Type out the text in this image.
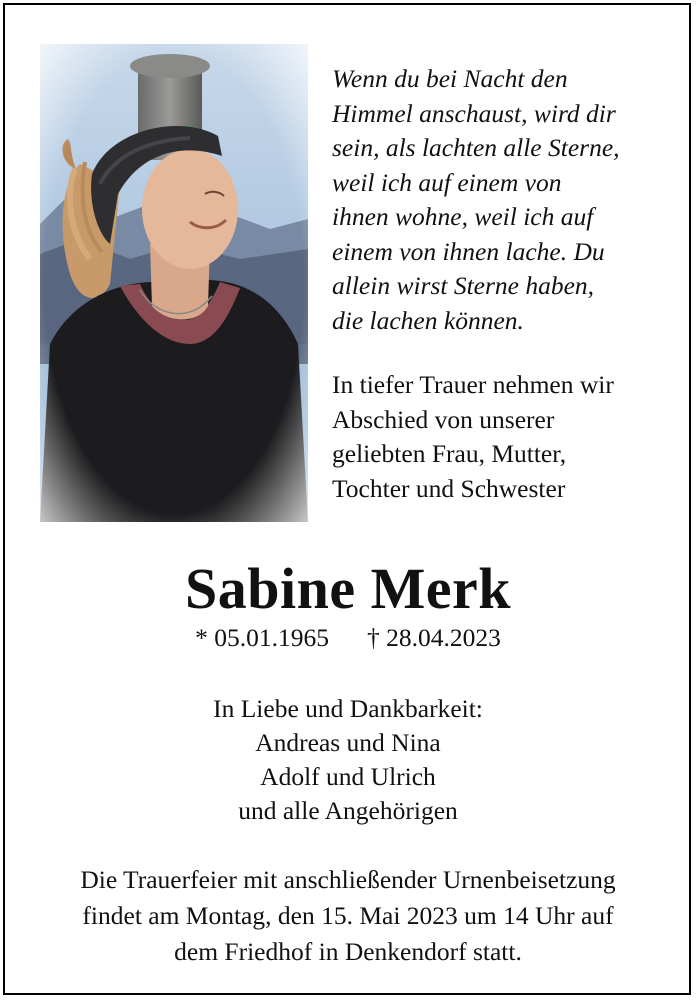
Wenn du bei Nacht den
Himmel anschaust, wird dir
sein, als lachten alle Sterne,
weil ich auf einem von
ihnen wohne, weil ich auf
einem von ihnen lache. Du
allein wirst Sterne haben,
die lachen können.
In tiefer Trauer nehmen wir
Abschied von unserer
geliebten Frau, Mutter,
Tochter und Schwester
Sabine Merk
* 05.01.1965 † 28.04.2023
In Liebe und Dankbarkeit:
Andreas und Nina
Adolf und Ulrich
und alle Angehörigen
Die Trauerfeier mit anschließender Urnenbeisetzung
findet am Montag, den 15. Mai 2023 um 14 Uhr auf
dem Friedhof in Denkendorf statt.
